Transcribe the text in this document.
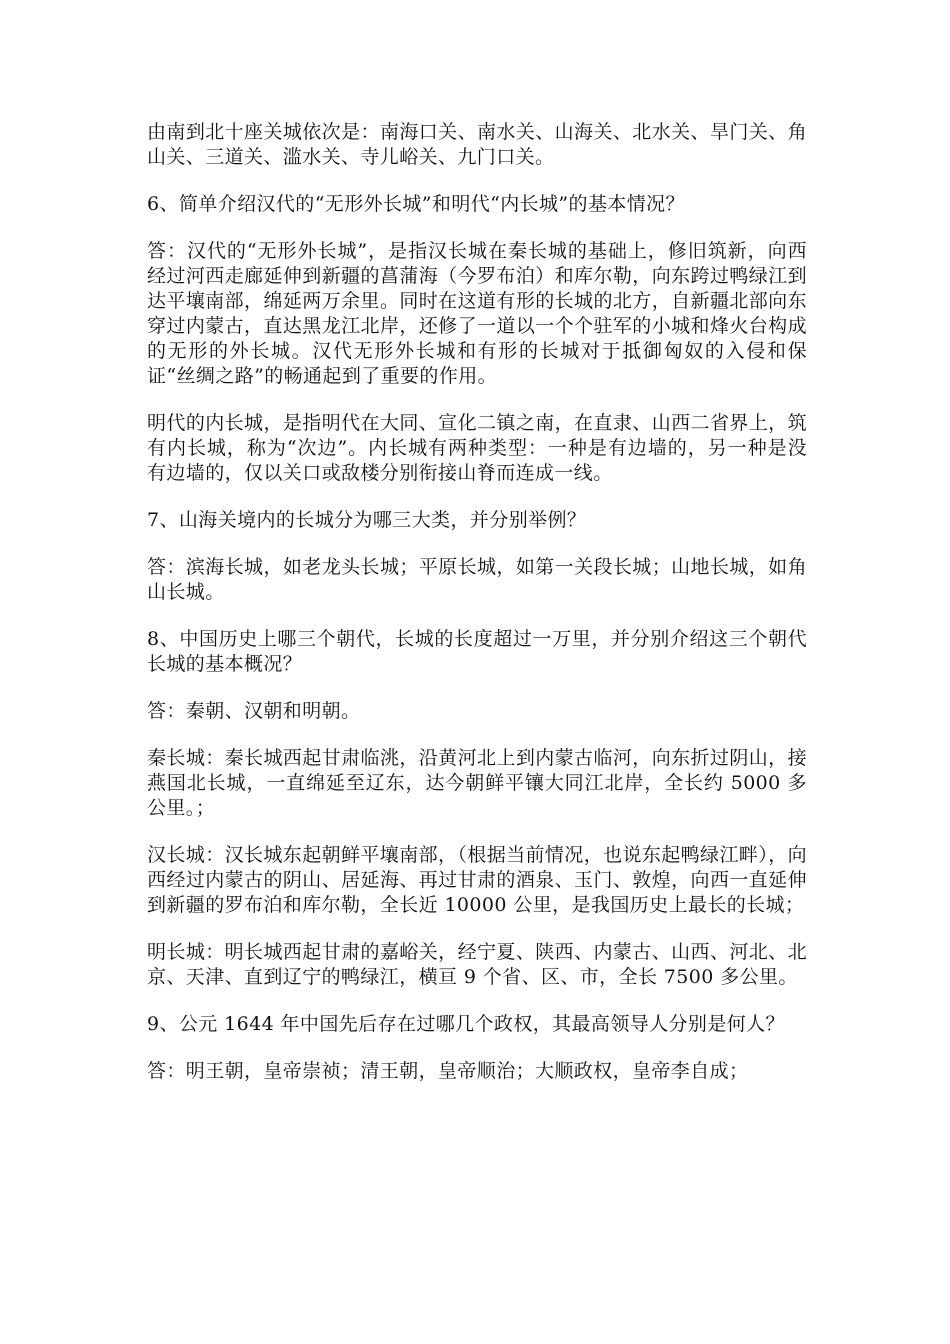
由南到北十座关城依次是：南海口关、南水关、山海关、北水关、旱门关、角山关、三道关、滥水关、寺儿峪关、九门口关。

6、简单介绍汉代的“无形外长城”和明代“内长城”的基本情况？

答：汉代的“无形外长城”，是指汉长城在秦长城的基础上，修旧筑新，向西经过河西走廊延伸到新疆的菖蒲海（今罗布泊）和库尔勒，向东跨过鸭绿江到达平壤南部，绵延两万余里。同时在这道有形的长城的北方，自新疆北部向东穿过内蒙古，直达黑龙江北岸，还修了一道以一个个驻军的小城和烽火台构成的无形的外长城。汉代无形外长城和有形的长城对于抵御匈奴的入侵和保证“丝绸之路”的畅通起到了重要的作用。

明代的内长城，是指明代在大同、宣化二镇之南，在直隶、山西二省界上，筑有内长城，称为“次边”。内长城有两种类型：一种是有边墙的，另一种是没有边墙的，仅以关口或敌楼分别衔接山脊而连成一线。

7、山海关境内的长城分为哪三大类，并分别举例？

答：滨海长城，如老龙头长城；平原长城，如第一关段长城；山地长城，如角山长城。

8、中国历史上哪三个朝代，长城的长度超过一万里，并分别介绍这三个朝代长城的基本概况？

答：秦朝、汉朝和明朝。

秦长城：秦长城西起甘肃临洮，沿黄河北上到内蒙古临河，向东折过阴山，接燕国北长城，一直绵延至辽东，达今朝鲜平镶大同江北岸，全长约 5000 多公里。；

汉长城：汉长城东起朝鲜平壤南部，（根据当前情况，也说东起鸭绿江畔），向西经过内蒙古的阴山、居延海、再过甘肃的酒泉、玉门、敦煌，向西一直延伸到新疆的罗布泊和库尔勒，全长近 10000 公里，是我国历史上最长的长城；

明长城：明长城西起甘肃的嘉峪关，经宁夏、陕西、内蒙古、山西、河北、北京、天津、直到辽宁的鸭绿江，横亘 9 个省、区、市，全长 7500 多公里。

9、公元 1644 年中国先后存在过哪几个政权，其最高领导人分别是何人？

答：明王朝，皇帝崇祯；清王朝，皇帝顺治；大顺政权，皇帝李自成；
